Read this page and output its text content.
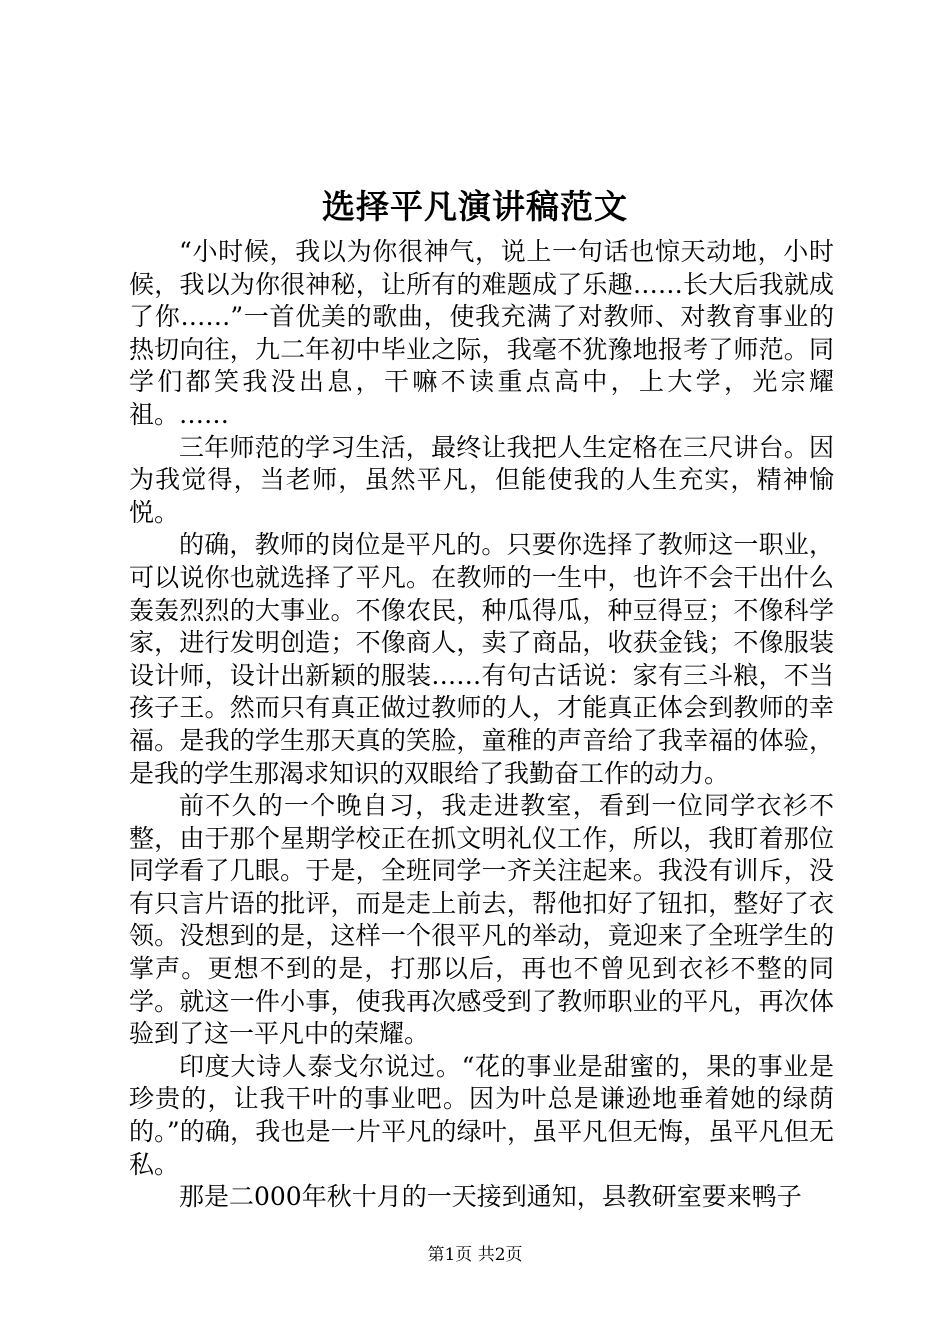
选择平凡演讲稿范文

“小时候，我以为你很神气，说上一句话也惊天动地，小时候，我以为你很神秘，让所有的难题成了乐趣……长大后我就成了你……”一首优美的歌曲，使我充满了对教师、对教育事业的热切向往，九二年初中毕业之际，我毫不犹豫地报考了师范。同学们都笑我没出息，干嘛不读重点高中，上大学，光宗耀祖。……

三年师范的学习生活，最终让我把人生定格在三尺讲台。因为我觉得，当老师，虽然平凡，但能使我的人生充实，精神愉悦。

的确，教师的岗位是平凡的。只要你选择了教师这一职业，可以说你也就选择了平凡。在教师的一生中，也许不会干出什么轰轰烈烈的大事业。不像农民，种瓜得瓜，种豆得豆；不像科学家，进行发明创造；不像商人，卖了商品，收获金钱；不像服装设计师，设计出新颖的服装……有句古话说：家有三斗粮，不当孩子王。然而只有真正做过教师的人，才能真正体会到教师的幸福。是我的学生那天真的笑脸，童稚的声音给了我幸福的体验，是我的学生那渴求知识的双眼给了我勤奋工作的动力。

前不久的一个晚自习，我走进教室，看到一位同学衣衫不整，由于那个星期学校正在抓文明礼仪工作，所以，我盯着那位同学看了几眼。于是，全班同学一齐关注起来。我没有训斥，没有只言片语的批评，而是走上前去，帮他扣好了钮扣，整好了衣领。没想到的是，这样一个很平凡的举动，竟迎来了全班学生的掌声。更想不到的是，打那以后，再也不曾见到衣衫不整的同学。就这一件小事，使我再次感受到了教师职业的平凡，再次体验到了这一平凡中的荣耀。

印度大诗人泰戈尔说过。“花的事业是甜蜜的，果的事业是珍贵的，让我干叶的事业吧。因为叶总是谦逊地垂着她的绿荫的。”的确，我也是一片平凡的绿叶，虽平凡但无悔，虽平凡但无私。

那是二000年秋十月的一天接到通知，县教研室要来鸭子

第1页 共2页
